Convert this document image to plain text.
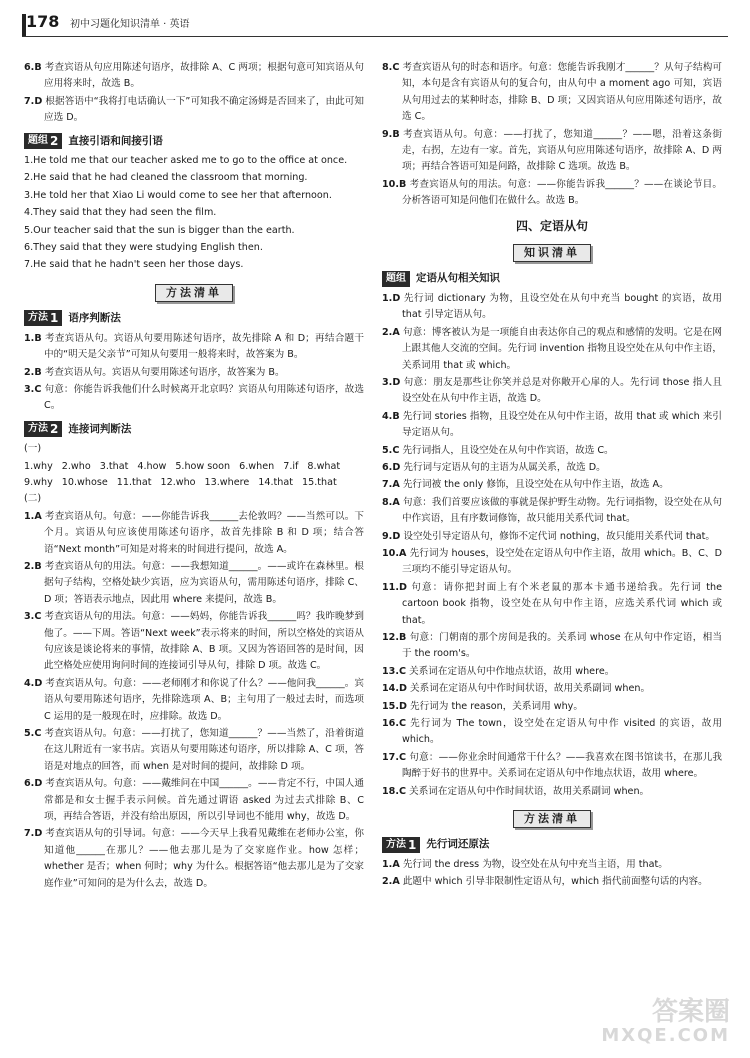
178 初中习题化知识清单 · 英语
6.B 考查宾语从句应用陈述句语序，故排除 A、C 两项；根据句意可知宾语从句应用将来时，故选 B。
7.D 根据答语中“我将打电话确认一下”可知我不确定汤姆是否回来了，由此可知应选 D。
题组 2 直接引语和间接引语
1.He told me that our teacher asked me to go to the office at once.
2.He said that he had cleaned the classroom that morning.
3.He told her that Xiao Li would come to see her that afternoon.
4.They said that they had seen the film.
5.Our teacher said that the sun is bigger than the earth.
6.They said that they were studying English then.
7.He said that he hadn't seen her those days.
方法清单
方法 1 语序判断法
1.B 考查宾语从句。宾语从句要用陈述句语序，故先排除 A 和 D；再结合题干中的“明天是父亲节”可知从句要用一般将来时，故答案为 B。
2.B 考查宾语从句。宾语从句要用陈述句语序，故答案为 B。
3.C 句意：你能告诉我他们什么时候离开北京吗？宾语从句用陈述句语序，故选 C。
方法 2 连接词判断法
(一)
1.why 2.who 3.that 4.how 5.how soon 6.when 7.if 8.what
9.why 10.whose 11.that 12.who 13.where 14.that 15.that
(二)
1.A 考查宾语从句。句意：——你能告诉我______去伦敦吗？——当然可以。下个月。宾语从句应该使用陈述句语序，故首先排除 B 和 D 项；结合答语“Next month”可知是对将来的时间进行提问，故选 A。
2.B 考查宾语从句的用法。句意：——我想知道______。——或许在森林里。根据句子结构，空格处缺少宾语，应为宾语从句，需用陈述句语序，排除 C、D 项；答语表示地点，因此用 where 来提问，故选 B。
3.C 考查宾语从句的用法。句意：——妈妈，你能告诉我______吗？我昨晚梦到他了。——下周。答语“Next week”表示将来的时间，所以空格处的宾语从句应该是谈论将来的事情，故排除 A、B 项。又因为答语回答的是时间，因此空格处应使用询问时间的连接词引导从句，排除 D 项。故选 C。
4.D 考查宾语从句。句意：——老师刚才和你说了什么？——他问我______。宾语从句要用陈述句语序，先排除选项 A、B；主句用了一般过去时，而选项 C 运用的是一般现在时，应排除。故选 D。
5.C 考查宾语从句。句意：——打扰了，您知道______？——当然了，沿着街道在这儿附近有一家书店。宾语从句要用陈述句语序，所以排除 A、C 项，答语是对地点的回答，而 when 是对时间的提问，故排除 D 项。
6.D 考查宾语从句。句意：——戴维问在中国______。——肯定不行，中国人通常都是和女士握手表示问候。首先通过谓语 asked 为过去式排除 B、C 项，再结合答语，并没有给出原因，所以引导词也不能用 why，故选 D。
7.D 考查宾语从句的引导词。句意：——今天早上我看见戴维在老师办公室，你知道他______在那儿？——他去那儿是为了交家庭作业。how 怎样；whether 是否；when 何时；why 为什么。根据答语“他去那儿是为了交家庭作业”可知问的是为什么去，故选 D。
8.C 考查宾语从句的时态和语序。句意：您能告诉我刚才______？从句子结构可知，本句是含有宾语从句的复合句，由从句中 a moment ago 可知，宾语从句用过去的某种时态，排除 B、D 项；又因宾语从句应用陈述句语序，故选 C。
9.B 考查宾语从句。句意：——打扰了，您知道______？——嗯，沿着这条街走，右拐，左边有一家。首先，宾语从句应用陈述句语序，故排除 A、D 两项；再结合答语可知是问路，故排除 C 选项。故选 B。
10.B 考查宾语从句的用法。句意：——你能告诉我______？——在谈论节目。分析答语可知是问他们在做什么。故选 B。
四、定语从句
知识清单
题组 定语从句相关知识
1.D 先行词 dictionary 为物，且设空处在从句中充当 bought 的宾语，故用 that 引导定语从句。
2.A 句意：博客被认为是一项能自由表达你自己的观点和感情的发明。它是在网上跟其他人交流的空间。先行词 invention 指物且设空处在从句中作主语，关系词用 that 或 which。
3.D 句意：朋友是那些让你笑并总是对你敞开心扉的人。先行词 those 指人且设空处在从句中作主语，故选 D。
4.B 先行词 stories 指物，且设空处在从句中作主语，故用 that 或 which 来引导定语从句。
5.C 先行词指人，且设空处在从句中作宾语，故选 C。
6.D 先行词与定语从句的主语为从属关系，故选 D。
7.A 先行词被 the only 修饰，且设空处在从句中作主语，故选 A。
8.A 句意：我们首要应该做的事就是保护野生动物。先行词指物，设空处在从句中作宾语，且有序数词修饰，故只能用关系代词 that。
9.D 设空处引导定语从句，修饰不定代词 nothing，故只能用关系代词 that。
10.A 先行词为 houses，设空处在定语从句中作主语，故用 which。B、C、D 三项均不能引导定语从句。
11.D 句意：请你把封面上有个米老鼠的那本卡通书递给我。先行词 the cartoon book 指物，设空处在从句中作主语，应选关系代词 which 或 that。
12.B 句意：门朝南的那个房间是我的。关系词 whose 在从句中作定语，相当于 the room's。
13.C 关系词在定语从句中作地点状语，故用 where。
14.D 关系词在定语从句中作时间状语，故用关系副词 when。
15.D 先行词为 the reason，关系词用 why。
16.C 先行词为 The town，设空处在定语从句中作 visited 的宾语，故用 which。
17.C 句意：——你业余时间通常干什么？——我喜欢在图书馆读书，在那儿我陶醉于好书的世界中。关系词在定语从句中作地点状语，故用 where。
18.C 关系词在定语从句中作时间状语，故用关系副词 when。
方法清单
方法 1 先行词还原法
1.A 先行词 the dress 为物，设空处在从句中充当主语，用 that。
2.A 此题中 which 引导非限制性定语从句，which 指代前面整句话的内容。
答案圈
MXQE.COM
